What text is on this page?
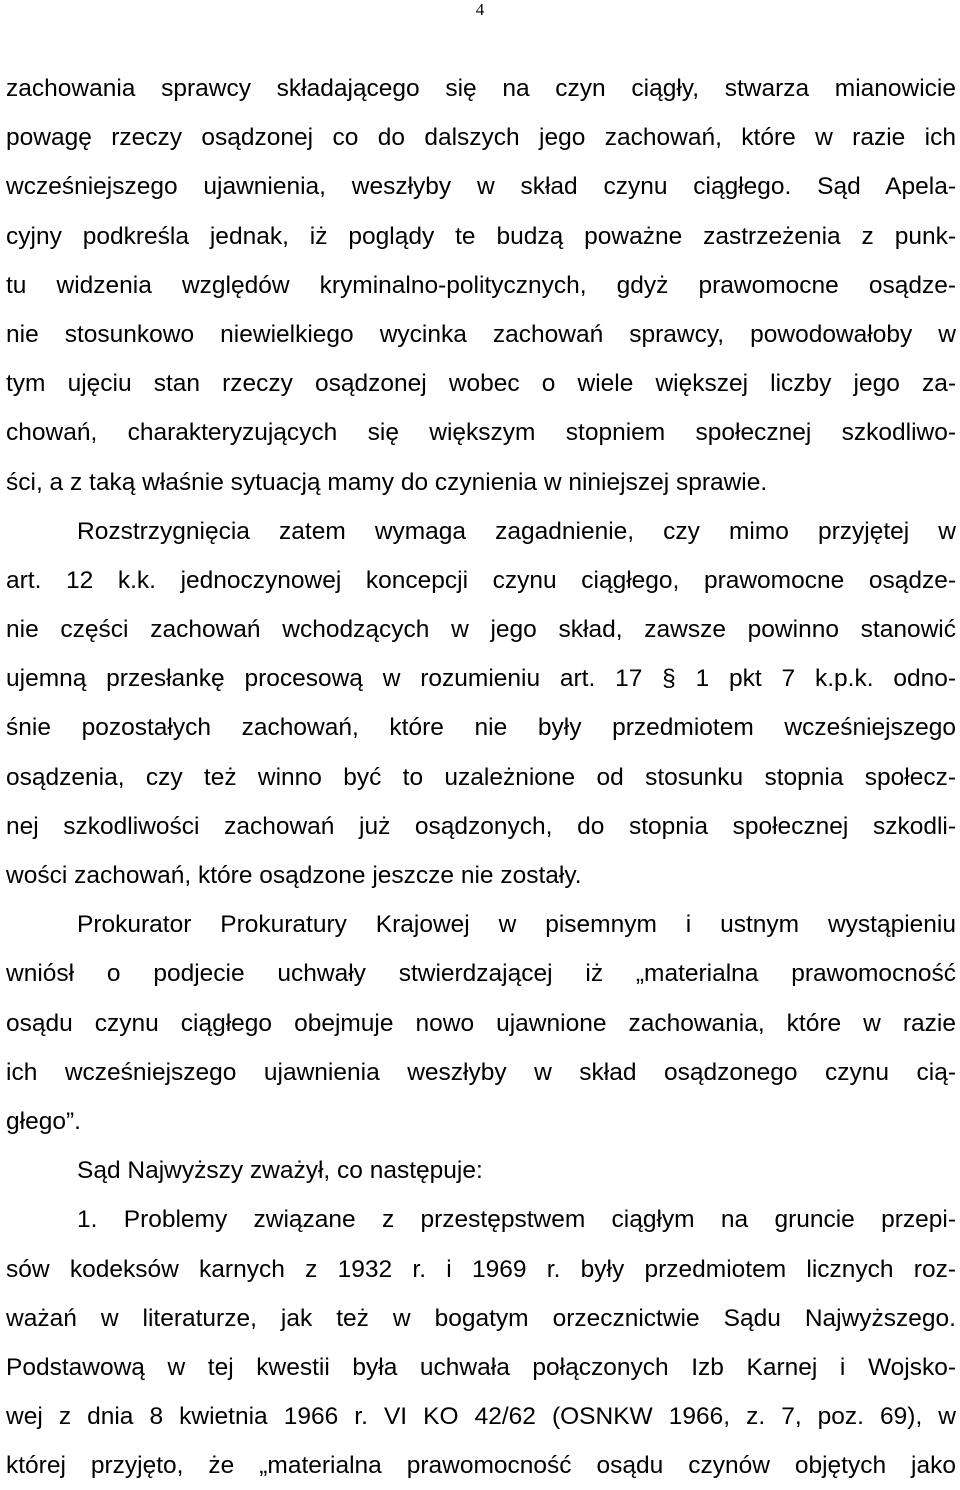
4
zachowania sprawcy składającego się na czyn ciągły, stwarza mianowicie
powagę rzeczy osądzonej co do dalszych jego zachowań, które w razie ich
wcześniejszego ujawnienia, weszłyby w skład czynu ciągłego. Sąd Apela-
cyjny podkreśla jednak, iż poglądy te budzą poważne zastrzeżenia z punk-
tu widzenia względów kryminalno-politycznych, gdyż prawomocne osądze-
nie stosunkowo niewielkiego wycinka zachowań sprawcy, powodowałoby w
tym ujęciu stan rzeczy osądzonej wobec o wiele większej liczby jego za-
chowań, charakteryzujących się większym stopniem społecznej szkodliwo-
ści, a z taką właśnie sytuacją mamy do czynienia w niniejszej sprawie.
Rozstrzygnięcia zatem wymaga zagadnienie, czy mimo przyjętej w
art. 12 k.k. jednoczynowej koncepcji czynu ciągłego, prawomocne osądze-
nie części zachowań wchodzących w jego skład, zawsze powinno stanowić
ujemną przesłankę procesową w rozumieniu art. 17 § 1 pkt 7 k.p.k. odno-
śnie pozostałych zachowań, które nie były przedmiotem wcześniejszego
osądzenia, czy też winno być to uzależnione od stosunku stopnia społecz-
nej szkodliwości zachowań już osądzonych, do stopnia społecznej szkodli-
wości zachowań, które osądzone jeszcze nie zostały.
Prokurator Prokuratury Krajowej w pisemnym i ustnym wystąpieniu
wniósł o podjecie uchwały stwierdzającej iż „materialna prawomocność
osądu czynu ciągłego obejmuje nowo ujawnione zachowania, które w razie
ich wcześniejszego ujawnienia weszłyby w skład osądzonego czynu cią-
głego”.
Sąd Najwyższy zważył, co następuje:
1. Problemy związane z przestępstwem ciągłym na gruncie przepi-
sów kodeksów karnych z 1932 r. i 1969 r. były przedmiotem licznych roz-
ważań w literaturze, jak też w bogatym orzecznictwie Sądu Najwyższego.
Podstawową w tej kwestii była uchwała połączonych Izb Karnej i Wojsko-
wej z dnia 8 kwietnia 1966 r. VI KO 42/62 (OSNKW 1966, z. 7, poz. 69), w
której przyjęto, że „materialna prawomocność osądu czynów objętych jako
